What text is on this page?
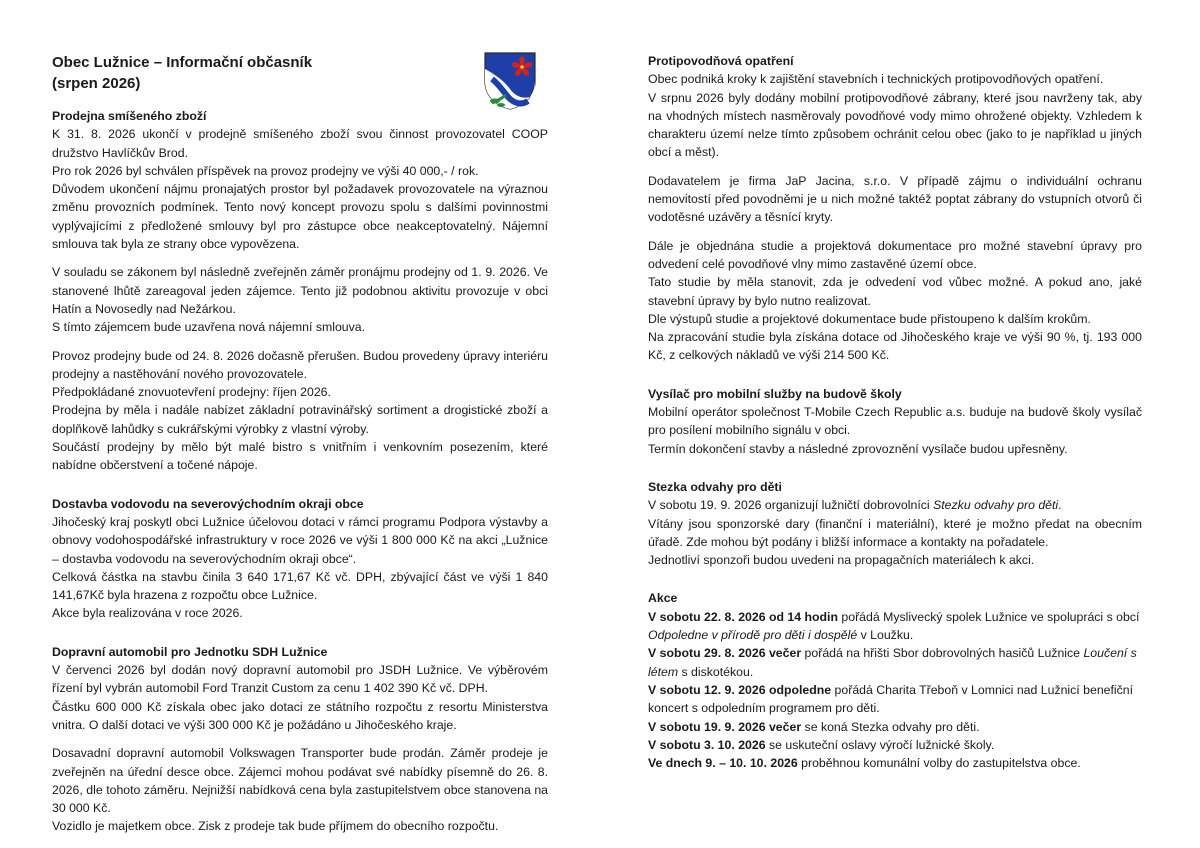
Obec Lužnice – Informační občasník
(srpen 2026)

Prodejna smíšeného zboží

K 31. 8. 2026 ukončí v prodejně smíšeného zboží svou činnost provozovatel COOP družstvo Havlíčkův Brod.

Pro rok 2026 byl schválen příspěvek na provoz prodejny ve výši 40 000,- / rok.

Důvodem ukončení nájmu pronajatých prostor byl požadavek provozovatele na výraznou změnu provozních podmínek. Tento nový koncept provozu spolu s dalšími povinnostmi vyplývajícími z předložené smlouvy byl pro zástupce obce neakceptovatelný. Nájemní smlouva tak byla ze strany obce vypovězena.

V souladu se zákonem byl následně zveřejněn záměr pronájmu prodejny od 1. 9. 2026. Ve stanovené lhůtě zareagoval jeden zájemce. Tento již podobnou aktivitu provozuje v obci Hatín a Novosedly nad Nežárkou.

S tímto zájemcem bude uzavřena nová nájemní smlouva.

Provoz prodejny bude od 24. 8. 2026 dočasně přerušen. Budou provedeny úpravy interiéru prodejny a nastěhování nového provozovatele.

Předpokládané znovuotevření prodejny: říjen 2026.

Prodejna by měla i nadále nabízet základní potravinářský sortiment a drogistické zboží a doplňkově lahůdky s cukrářskými výrobky z vlastní výroby.

Součástí prodejny by mělo být malé bistro s vnitřním i venkovním posezením, které nabídne občerstvení a točené nápoje.

Dostavba vodovodu na severovýchodním okraji obce

Jihočeský kraj poskytl obci Lužnice účelovou dotaci v rámci programu Podpora výstavby a obnovy vodohospodářské infrastruktury v roce 2026 ve výši 1 800 000 Kč na akci „Lužnice – dostavba vodovodu na severovýchodním okraji obce“.

Celková částka na stavbu činila 3 640 171,67 Kč vč. DPH, zbývající část ve výši 1 840 141,67Kč byla hrazena z rozpočtu obce Lužnice.

Akce byla realizována v roce 2026.

Dopravní automobil pro Jednotku SDH Lužnice

V červenci 2026 byl dodán nový dopravní automobil pro JSDH Lužnice. Ve výběrovém řízení byl vybrán automobil Ford Tranzit Custom za cenu 1 402 390 Kč vč. DPH.

Částku 600 000 Kč získala obec jako dotaci ze státního rozpočtu z resortu Ministerstva vnitra. O další dotaci ve výši 300 000 Kč je požádáno u Jihočeského kraje.

Dosavadní dopravní automobil Volkswagen Transporter bude prodán. Záměr prodeje je zveřejněn na úřední desce obce. Zájemci mohou podávat své nabídky písemně do 26. 8. 2026, dle tohoto záměru. Nejnižší nabídková cena byla zastupitelstvem obce stanovena na 30 000 Kč.

Vozidlo je majetkem obce. Zisk z prodeje tak bude příjmem do obecního rozpočtu.

Protipovodňová opatření

Obec podniká kroky k zajištění stavebních i technických protipovodňových opatření.

V srpnu 2026 byly dodány mobilní protipovodňové zábrany, které jsou navrženy tak, aby na vhodných místech nasměrovaly povodňové vody mimo ohrožené objekty. Vzhledem k charakteru území nelze tímto způsobem ochránit celou obec (jako to je například u jiných obcí a měst).

Dodavatelem je firma JaP Jacina, s.r.o. V případě zájmu o individuální ochranu nemovitostí před povodněmi je u nich možné taktéž poptat zábrany do vstupních otvorů či vodotěsné uzávěry a těsnící kryty.

Dále je objednána studie a projektová dokumentace pro možné stavební úpravy pro odvedení celé povodňové vlny mimo zastavěné území obce.

Tato studie by měla stanovit, zda je odvedení vod vůbec možné. A pokud ano, jaké stavební úpravy by bylo nutno realizovat.

Dle výstupů studie a projektové dokumentace bude přistoupeno k dalším krokům.

Na zpracování studie byla získána dotace od Jihočeského kraje ve výši 90 %, tj. 193 000 Kč, z celkových nákladů ve výši 214 500 Kč.

Vysílač pro mobilní služby na budově školy

Mobilní operátor společnost T-Mobile Czech Republic a.s. buduje na budově školy vysílač pro posílení mobilního signálu v obci.

Termín dokončení stavby a následné zprovoznění vysílače budou upřesněny.

Stezka odvahy pro děti

V sobotu 19. 9. 2026 organizují lužničtí dobrovolníci Stezku odvahy pro děti.

Vítány jsou sponzorské dary (finanční i materiální), které je možno předat na obecním úřadě. Zde mohou být podány i bližší informace a kontakty na pořadatele.

Jednotliví sponzoři budou uvedeni na propagačních materiálech k akci.

Akce

V sobotu 22. 8. 2026 od 14 hodin pořádá Myslivecký spolek Lužnice ve spolupráci s obcí Odpoledne v přírodě pro děti i dospělé v Loužku.

V sobotu 29. 8. 2026 večer pořádá na hřišti Sbor dobrovolných hasičů Lužnice Loučení s létem s diskotékou.

V sobotu 12. 9. 2026 odpoledne pořádá Charita Třeboň v Lomnici nad Lužnicí benefiční koncert s odpoledním programem pro děti.

V sobotu 19. 9. 2026 večer se koná Stezka odvahy pro děti.

V sobotu 3. 10. 2026 se uskuteční oslavy výročí lužnické školy.

Ve dnech 9. – 10. 10. 2026 proběhnou komunální volby do zastupitelstva obce.
